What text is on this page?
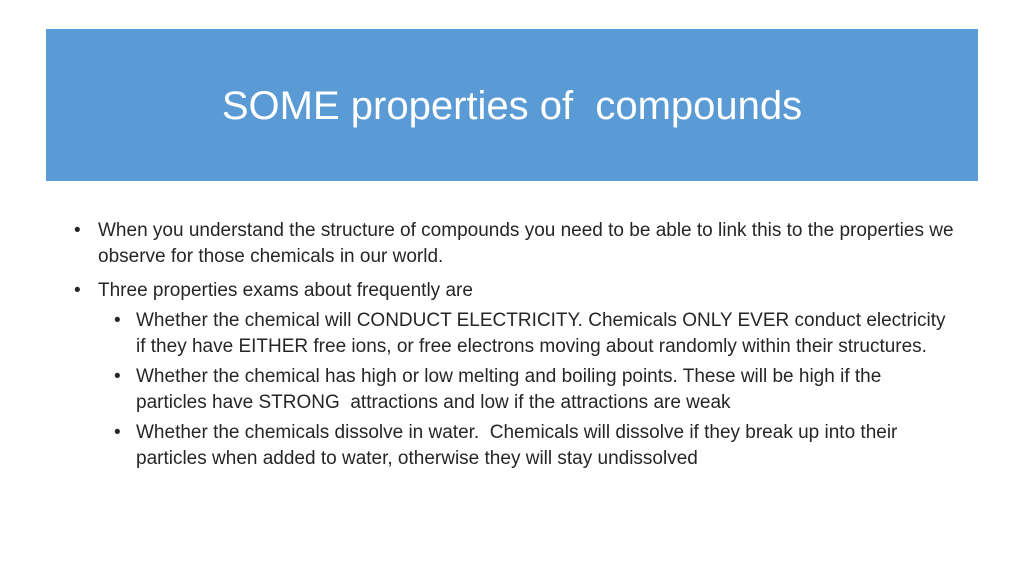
SOME properties of  compounds
• When you understand the structure of compounds you need to be able to link this to the properties we observe for those chemicals in our world.
• Three properties exams about frequently are
• Whether the chemical will CONDUCT ELECTRICITY. Chemicals ONLY EVER conduct electricity if they have EITHER free ions, or free electrons moving about randomly within their structures.
• Whether the chemical has high or low melting and boiling points. These will be high if the particles have STRONG  attractions and low if the attractions are weak
• Whether the chemicals dissolve in water.  Chemicals will dissolve if they break up into their particles when added to water, otherwise they will stay undissolved
